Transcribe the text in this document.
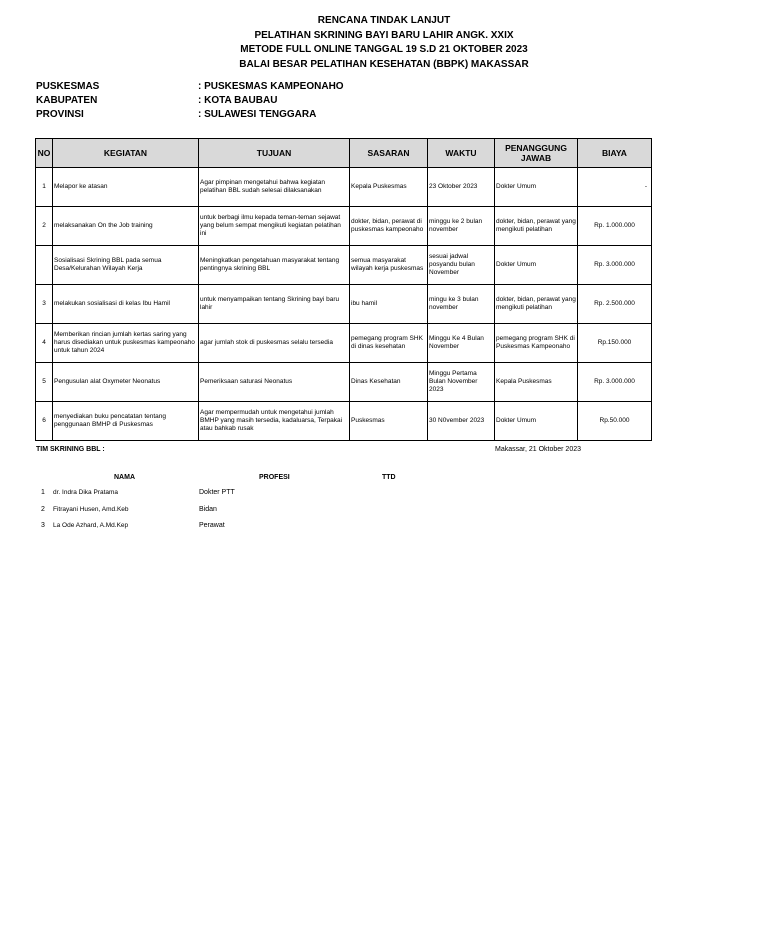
RENCANA TINDAK LANJUT
PELATIHAN SKRINING BAYI BARU LAHIR ANGK. XXIX
METODE FULL ONLINE TANGGAL 19 S.D 21 OKTOBER 2023
BALAI BESAR PELATIHAN KESEHATAN (BBPK) MAKASSAR
PUSKESMAS	: PUSKESMAS KAMPEONAHO
KABUPATEN	: KOTA BAUBAU
PROVINSI	: SULAWESI TENGGARA
NO	KEGIATAN	TUJUAN	SASARAN	WAKTU	PENANGGUNG JAWAB	BIAYA
1	Melapor ke atasan	Agar pimpinan mengetahui bahwa kegiatan pelatihan BBL sudah selesai dilaksanakan	Kepala Puskesmas	23 Oktober 2023	Dokter Umum	-
2	melaksanakan On the Job training	untuk berbagi ilmu kepada teman-teman sejawat yang belum sempat mengikuti kegiatan pelatihan ini	dokter, bidan, perawat di puskesmas kampeonaho	minggu ke 2 bulan november	dokter, bidan, perawat yang mengikuti pelatihan	Rp. 1.000.000
	Sosialisasi Skrining BBL pada semua Desa/Kelurahan Wilayah Kerja	Meningkatkan pengetahuan masyarakat tentang pentingnya skrining BBL	semua masyarakat wilayah kerja puskesmas	sesuai jadwal posyandu bulan November	Dokter Umum	Rp. 3.000.000
3	melakukan sosialisasi di kelas Ibu Hamil	untuk menyampaikan tentang Skrining bayi baru lahir	ibu hamil	mingu ke 3 bulan november	dokter, bidan, perawat yang mengikuti pelatihan	Rp. 2.500.000
4	Memberikan rincian jumlah kertas saring yang harus disediakan untuk puskesmas kampeonaho untuk tahun 2024	agar jumlah stok di puskesmas selalu tersedia	pemegang program SHK di dinas kesehatan	Minggu Ke 4 Bulan November	pemegang program SHK di Puskesmas Kampeonaho	Rp.150.000
5	Pengusulan alat Oxymeter Neonatus	Pemeriksaan saturasi Neonatus	Dinas Kesehatan	Minggu Pertama Bulan November 2023	Kepala Puskesmas	Rp. 3.000.000
6	menyediakan buku pencatatan tentang penggunaan BMHP di Puskesmas	Agar mempermudah untuk mengetahui jumlah BMHP yang masih tersedia, kadaluarsa, Terpakai atau bahkab rusak	Puskesmas	30 N0vember 2023	Dokter Umum	Rp.50.000
TIM SKRINING BBL :	Makassar, 21 Oktober 2023
NAMA	PROFESI	TTD
1 dr. Indra Dika Pratama	Dokter PTT
2 Fitrayani Husen, Amd.Keb	Bidan
3 La Ode Azhard, A.Md.Kep	Perawat
